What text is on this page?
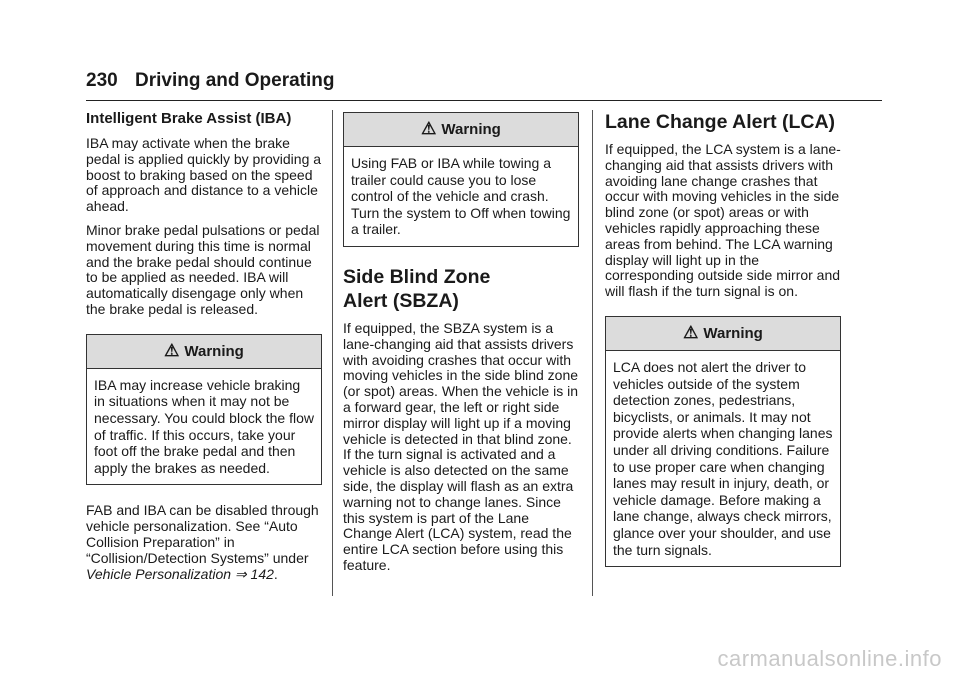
230 Driving and Operating
Intelligent Brake Assist (IBA)

IBA may activate when the brake pedal is applied quickly by providing a boost to braking based on the speed of approach and distance to a vehicle ahead.

Minor brake pedal pulsations or pedal movement during this time is normal and the brake pedal should continue to be applied as needed. IBA will automatically disengage only when the brake pedal is released.

⚠ Warning
IBA may increase vehicle braking in situations when it may not be necessary. You could block the flow of traffic. If this occurs, take your foot off the brake pedal and then apply the brakes as needed.

FAB and IBA can be disabled through vehicle personalization. See “Auto Collision Preparation” in “Collision/Detection Systems” under Vehicle Personalization ⇒ 142.

⚠ Warning
Using FAB or IBA while towing a trailer could cause you to lose control of the vehicle and crash. Turn the system to Off when towing a trailer.
Side Blind Zone
Alert (SBZA)

If equipped, the SBZA system is a lane-changing aid that assists drivers with avoiding crashes that occur with moving vehicles in the side blind zone (or spot) areas. When the vehicle is in a forward gear, the left or right side mirror display will light up if a moving vehicle is detected in that blind zone. If the turn signal is activated and a vehicle is also detected on the same side, the display will flash as an extra warning not to change lanes. Since this system is part of the Lane Change Alert (LCA) system, read the entire LCA section before using this feature.

Lane Change Alert (LCA)

If equipped, the LCA system is a lane-changing aid that assists drivers with avoiding lane change crashes that occur with moving vehicles in the side blind zone (or spot) areas or with vehicles rapidly approaching these areas from behind. The LCA warning display will light up in the corresponding outside side mirror and will flash if the turn signal is on.

⚠ Warning
LCA does not alert the driver to vehicles outside of the system detection zones, pedestrians, bicyclists, or animals. It may not provide alerts when changing lanes under all driving conditions. Failure to use proper care when changing lanes may result in injury, death, or vehicle damage. Before making a lane change, always check mirrors, glance over your shoulder, and use the turn signals.
carmanualsonline.info
